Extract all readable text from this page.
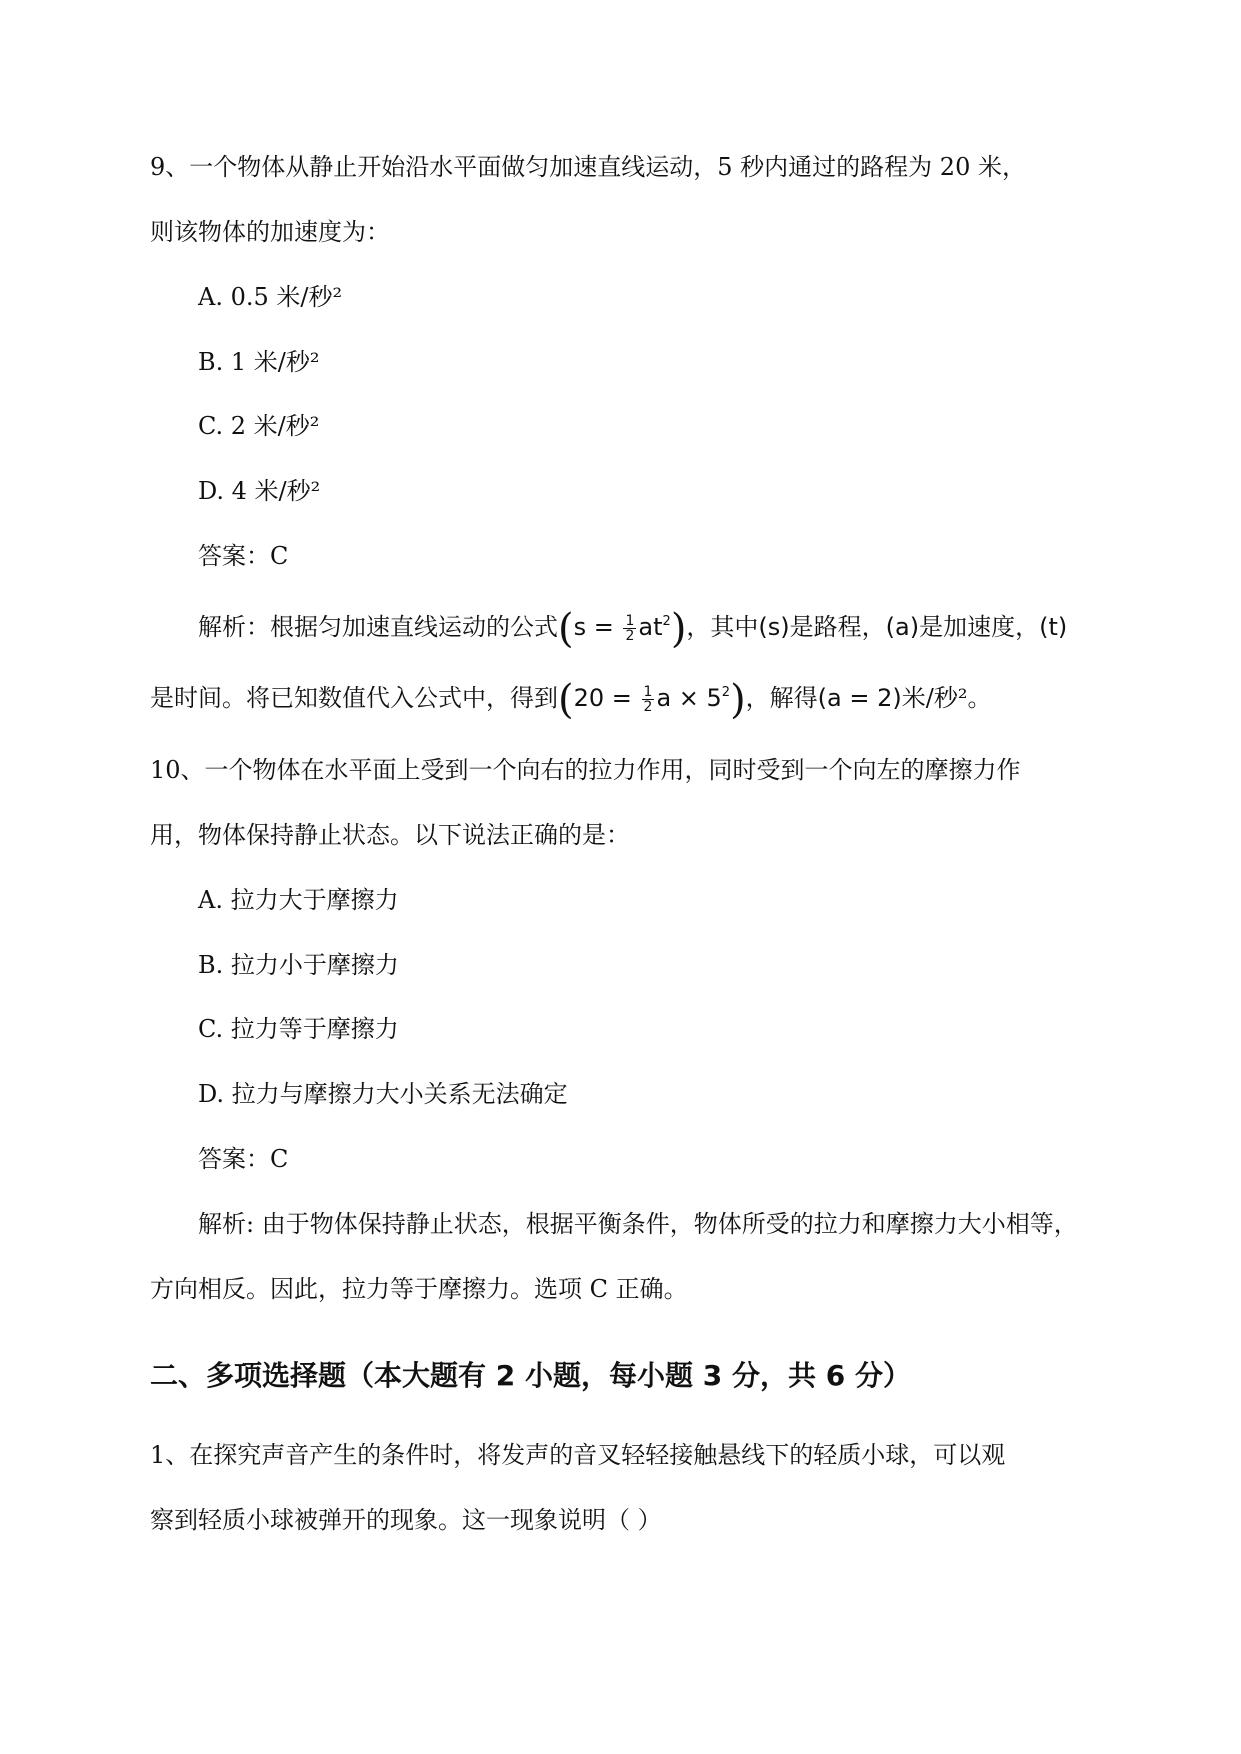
9、一个物体从静止开始沿水平面做匀加速直线运动，5 秒内通过的路程为 20 米，
则该物体的加速度为：
A. 0.5 米/秒²
B. 1 米/秒²
C. 2 米/秒²
D. 4 米/秒²
答案：C
解析：根据匀加速直线运动的公式$(s = \frac{1}{2} at^2)$，其中(s)是路程，(a)是加速度，(t)
是时间。将已知数值代入公式中，得到($20 = \frac{1}{2}$ $a \times 5^2$)，解得(a = 2)米/秒²。
10、一个物体在水平面上受到一个向右的拉力作用，同时受到一个向左的摩擦力作
用，物体保持静止状态。以下说法正确的是：
A. 拉力大于摩擦力
B. 拉力小于摩擦力
C. 拉力等于摩擦力
D. 拉力与摩擦力大小关系无法确定
答案：C
解析: 由于物体保持静止状态，根据平衡条件，物体所受的拉力和摩擦力大小相等，
方向相反。因此，拉力等于摩擦力。选项 C 正确。
二、多项选择题（本大题有 2 小题，每小题 3 分，共 6 分）
1、在探究声音产生的条件时，将发声的音叉轻轻接触悬线下的轻质小球，可以观
察到轻质小球被弹开的现象。这一现象说明（ ）
